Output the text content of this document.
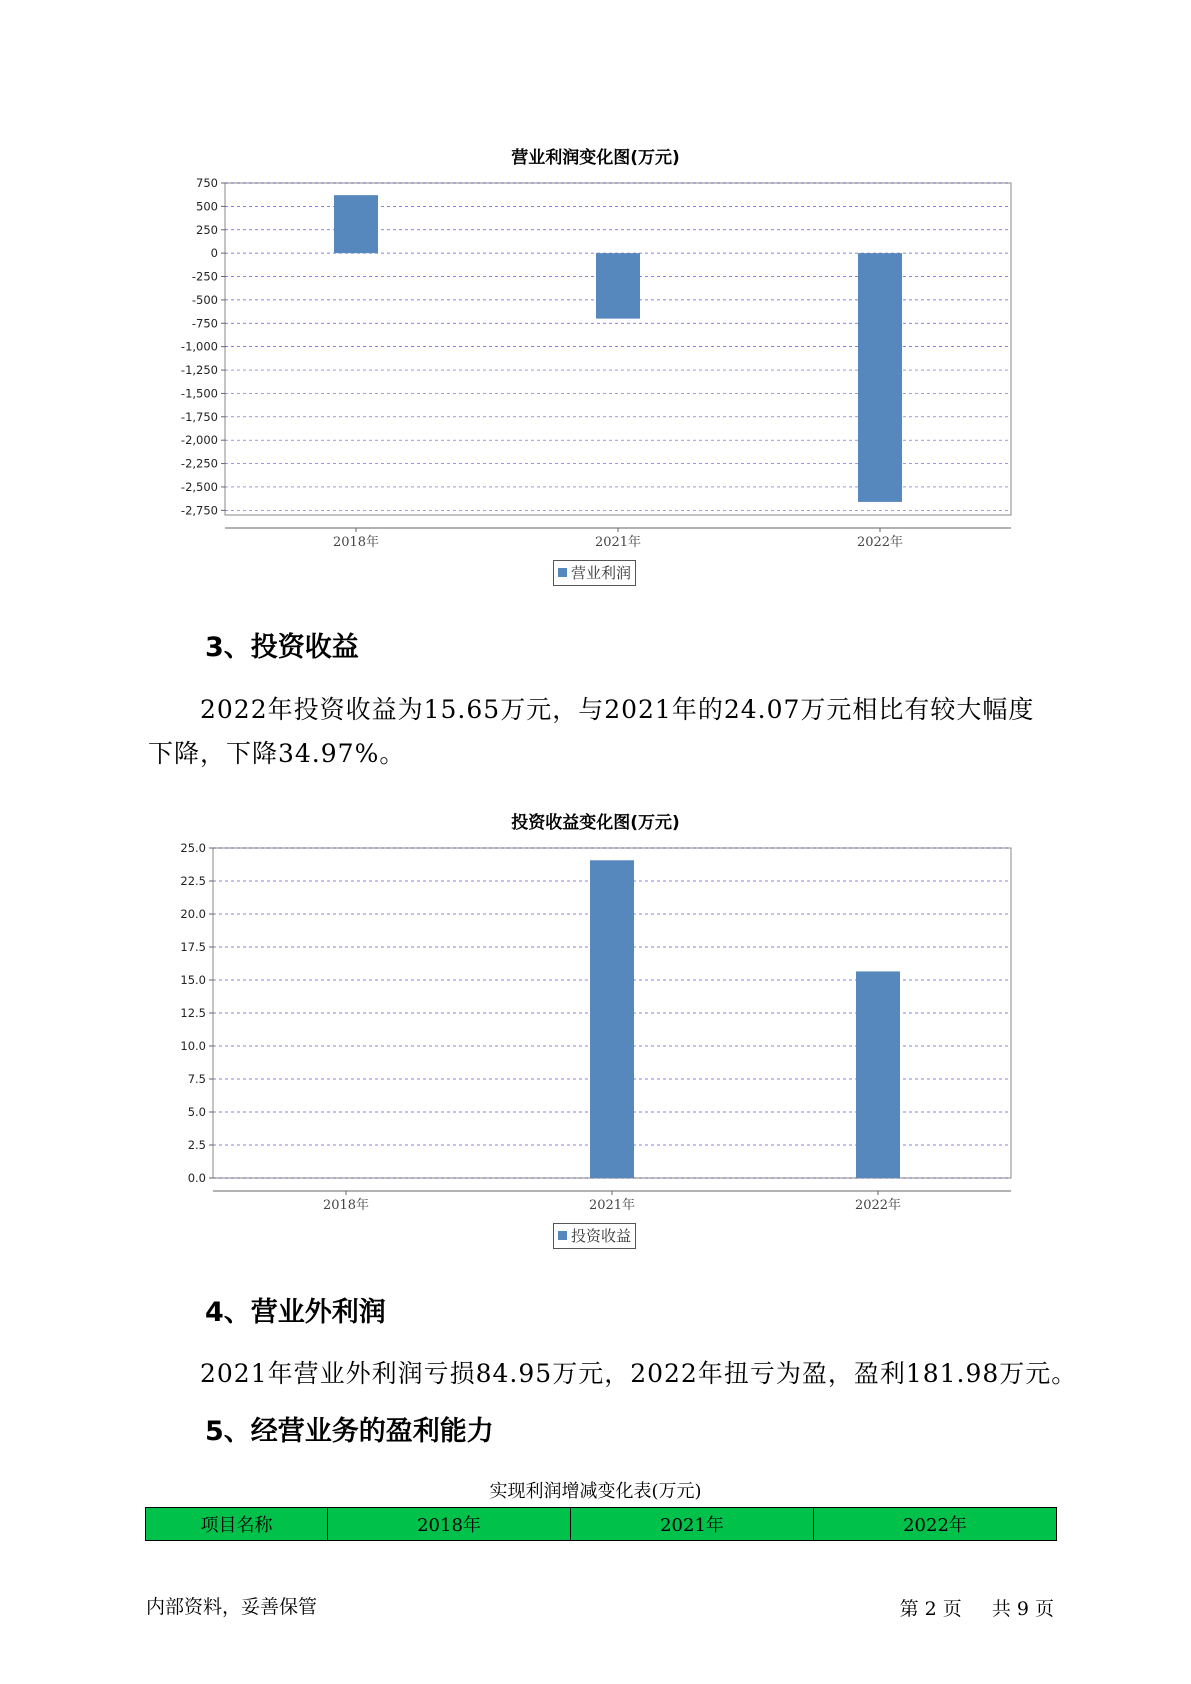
营业利润变化图(万元)
750
500
250
0
-250
-500
-750
-1,000
-1,250
-1,500
-1,750
-2,000
-2,250
-2,500
-2,750
2018年	2021年	2022年
营业利润
3、投资收益

2022年投资收益为15.65万元，与2021年的24.07万元相比有较大幅度下降，下降34.97%。

投资收益变化图(万元)
25.0
22.5
20.0
17.5
15.0
12.5
10.0
7.5
5.0
2.5
0.0
2018年	2021年	2022年
投资收益
4、营业外利润

2021年营业外利润亏损84.95万元，2022年扭亏为盈，盈利181.98万元。

5、经营业务的盈利能力
实现利润增减变化表(万元)
项目名称	2018年	2021年	2022年
内部资料，妥善保管	第 2 页 共 9 页
